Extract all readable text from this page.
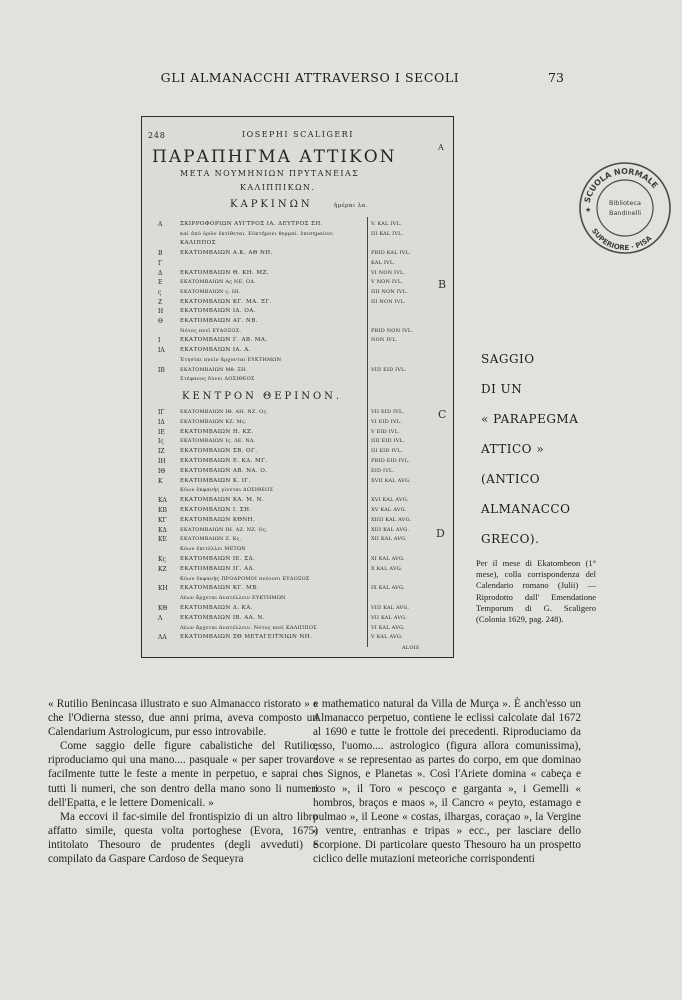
GLI ALMANACCHI ATTRAVERSO I SECOLI	73
248	IOSEPHI SCALIGERI
ΠΑΡΑΠΗΓΜΑ ΑΤΤΙΚΟΝ	A
ΜΕΤΑ ΝΟΥΜΗΝΙΩΝ ΠΡΥΤΑΝΕΙΑΣ
ΚΑΛΙΠΠΙΚΩΝ.
ΚΑΡΚΙΝΩΝ	ἡμέραι λα.
A	ΣΚΙΡΡΟΦΟΡΙΩΝ ΑΥΓΤΡΟΣ ΙΑ. ΔΕΥΤΡΟΣ ΣΗ.	V. KAL IVL.
καὶ ἀπὸ ὁρῶν ἐκτίθεται. Εὐκτήμονι θερμαί. ἐπισημαίνει	III KAL IVL.
ΚΑΛΙΠΠΟΣ
B	ΕΚΑΤΟΜΒΑΙΩΝ Α.Κ. ΑΘ ΝΗ.	PRID KAL IVL.
Γ	KAL IVL.
Δ	ΕΚΑΤΟΜΒΑΙΩΝ Θ. ΚΗ. ΜΖ.	VI NON IVL.
Ε	ΕΚΑΤΟΜΒΑΙΩΝ Ας ΝΕ. ΟΔ.	V NON IVL.
ς	ΕΚΑΤΟΜΒΑΙΩΝ ς. ΙΗ.	IIII NON IVL.
Ζ	ΕΚΑΤΟΜΒΑΙΩΝ ΚΓ. ΜΑ. ΞΓ.	III NON IVL.
Η	ΕΚΑΤΟΜΒΑΙΩΝ ΙΔ. ΟΑ.
Θ	ΕΚΑΤΟΜΒΑΙΩΝ ΑΓ. ΝΒ.
Νότος πνεῖ ΕΥΔΟΞΟΣ.	PRID NON IVL.
Ι	ΕΚΑΤΟΜΒΑΙΩΝ Γ. ΑΒ. ΜΑ.	NON IVL.
ΙΑ	ΕΚΑΤΟΜΒΑΙΩΝ ΙΑ. Α.
Ἐτησίαι πνεῖν ἄρχονται ΕΥΚΤΗΜΩΝ
ΙΒ	ΕΚΑΤΟΜΒΑΙΩΝ Μθ. ΞΗ.	VIII EID IVL.
Στέφανος δύνει ΔΟΣΙΘΕΟΣ
ΚΕΝΤΡΟΝ ΘΕΡΙΝΟΝ.
ΙΓ	ΕΚΑΤΟΜΒΑΙΩΝ ΙΘ. ΑΗ. ΝΖ. Ος.	VII EID IVL.
ΙΔ	ΕΚΑΤΟΜΒΑΙΩΝ ΚΖ. Μς.	VI EID IVL.
ΙΕ	ΕΚΑΤΟΜΒΑΙΩΝ Η. ΚΖ.	V EID IVL.
Ις	ΕΚΑΤΟΜΒΑΙΩΝ Ις. ΛΕ. ΝΔ.	IIII EID IVL.
ΙΖ	ΕΚΑΤΟΜΒΑΙΩΝ ΣΒ. ΟΓ.	III EID IVL.
ΙΗ	ΕΚΑΤΟΜΒΑΙΩΝ Ε. ΚΔ. ΜΓ.	PRID EID IVL.
ΙΘ	ΕΚΑΤΟΜΒΑΙΩΝ ΑΒ. ΝΑ. Ο.	EID IVL.
Κ	ΕΚΑΤΟΜΒΑΙΩΝ Κ. ΙΓ.	XVII KAL AVG.
Κύων ἐκφανὴς γίνεται ΔΟΣΙΘΕΟΣ
ΚΑ ΕΚΑΤΟΜΒΑΙΩΝ ΚΑ. Μ. Ν.	XVI KAL AVG.
ΚΒ ΕΚΑΤΟΜΒΑΙΩΝ Ι. ΣΗ.	XV KAL AVG.
ΚΓ ΕΚΑΤΟΜΒΑΙΩΝ ΚΘΝΗ.	XIIII KAL AVG.
ΚΔ	ΕΚΑΤΟΜΒΑΙΩΝ ΙΗ. ΑΖ. ΝΖ. Ος.	XIII KAL AVG.
ΚΕ	ΕΚΑΤΟΜΒΑΙΩΝ Ζ. Κς.	XII KAL AVG.
Κύων ἐπιτέλλει ΜΕΤΩΝ
Κς	ΕΚΑΤΟΜΒΑΙΩΝ ΙΕ. ΣΔ.	XI KAL AVG.
ΚΖ ΕΚΑΤΟΜΒΑΙΩΝ ΙΓ. ΑΔ.	X KAL AVG.
Κύων ἐκφανὴς ΠΡΟΔΡΟΜΟΙ πνέουσι ΕΥΔΟΞΟΣ
ΚΗ ΕΚΑΤΟΜΒΑΙΩΝ ΚΓ. ΜΒ.	IX KAL AVG.
Λέων ἄρχεται ἀνατέλλειν ΕΥΚΤΗΜΩΝ
ΚΘ ΕΚΑΤΟΜΒΑΙΩΝ Δ. ΚΑ.	VIII KAL AVG.
Λ	ΕΚΑΤΟΜΒΑΙΩΝ ΙΒ. ΑΑ. Ν.	VII KAL AVG.
Λέων ἄρχεται ἀνατέλλειν. Νότος πνεῖ ΚΑΛΙΠΠΟΣ	VI KAL AVG.
ΛΑ ΕΚΑΤΟΜΒΑΙΩΝ ΣΘ ΜΕΤΑΓΕΙΤΝΙΩΝ ΝΗ.	V KAL AVG.
ALOIS
B
C
D
SCUOLA NORMALE
SUPERIORE · PISA
Biblioteca
Bandinelli
★
SAGGIO
DI UN
« PARAPEGMA
ATTICO »
(ANTICO
ALMANACCO
GRECO).
Per il mese di Ekatombeon (1° mese), colla corrispondenza del Calendario romano (Julii) — Riprodotto dall' Emendatione Temporum di G. Scaligero (Colonia 1629, pag. 248).

« Rutilio Benincasa illustrato e suo Almanacco ristorato » e che l'Odierna stesso, due anni prima, aveva composto un Calendarium Astrologicum, pur esso introvabile.

Come saggio delle figure cabalistiche del Rutilio, riproduciamo qui una mano.... pasquale « per saper trovare facilmente tutte le feste a mente in perpetuo, e saprai che tutti li numeri, che son dentro della mano sono li numeri dell'Epatta, e le lettere Domenicali. »

Ma eccovi il fac-simile del frontispizio di un altro libro affatto simile, questa volta portoghese (Evora, 1675) intitolato Thesouro de prudentes (degli avveduti) e compilato da Gaspare Cardoso de Sequeyra

« mathematico natural da Villa de Murça ». È anch'esso un Almanacco perpetuo, contiene le eclissi calcolate dal 1672 al 1690 e tutte le frottole dei precedenti. Riproduciamo da esso, l'uomo.... astrologico (figura allora comunissima), dove « se representao as partes do corpo, em que dominao os Signos, e Planetas ». Così l'Ariete domina « cabeça e rosto », il Toro « pescoço e garganta », i Gemelli « hombros, braços e maos », il Cancro « peyto, estamago e pulmao », il Leone « costas, ilhargas, coraçao », la Vergine « ventre, entranhas e tripas » ecc., per lasciare dello Scorpione. Di particolare questo Thesouro ha un prospetto ciclico delle mutazioni meteoriche corrispondenti
